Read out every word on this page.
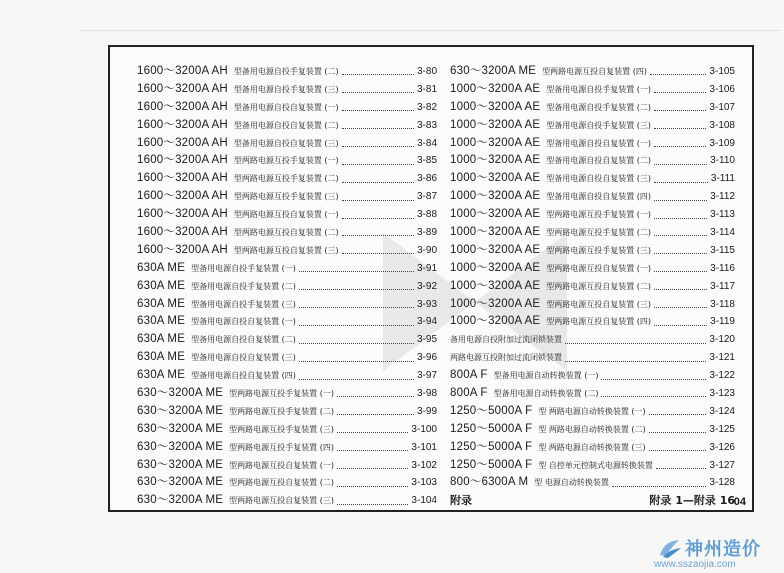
1600～3200A AH 型备用电源自投手复装置 (二)	3-80
1600～3200A AH 型备用电源自投手复装置 (三)	3-81
1600～3200A AH 型备用电源自投自复装置 (一)	3-82
1600～3200A AH 型备用电源自投自复装置 (二)	3-83
1600～3200A AH 型备用电源自投自复装置 (三)	3-84
1600～3200A AH 型两路电源互投手复装置 (一)	3-85
1600～3200A AH 型两路电源互投手复装置 (二)	3-86
1600～3200A AH 型两路电源互投手复装置 (三)	3-87
1600～3200A AH 型两路电源互投自复装置 (一)	3-88
1600～3200A AH 型两路电源互投自复装置 (二)	3-89
1600～3200A AH 型两路电源互投自复装置 (三)	3-90
630A ME 型备用电源自投手复装置 (一)	3-91
630A ME 型备用电源自投手复装置 (二)	3-92
630A ME 型备用电源自投手复装置 (三)	3-93
630A ME 型备用电源自投自复装置 (一)	3-94
630A ME 型备用电源自投自复装置 (二)	3-95
630A ME 型备用电源自投自复装置 (三)	3-96
630A ME 型备用电源自投自复装置 (四)	3-97
630～3200A ME 型两路电源互投手复装置 (一)	3-98
630～3200A ME 型两路电源互投手复装置 (二)	3-99
630～3200A ME 型两路电源互投手复装置 (三)	3-100
630～3200A ME 型两路电源互投手复装置 (四)	3-101
630～3200A ME 型两路电源互投自复装置 (一)	3-102
630～3200A ME 型两路电源互投自复装置 (二)	3-103
630～3200A ME 型两路电源互投自复装置 (三)	3-104
630～3200A ME 型两路电源互投自复装置 (四)	3-105
1000～3200A AE 型备用电源自投手复装置 (一)	3-106
1000～3200A AE 型备用电源自投手复装置 (二)	3-107
1000～3200A AE 型备用电源自投手复装置 (三)	3-108
1000～3200A AE 型备用电源自投自复装置 (一)	3-109
1000～3200A AE 型备用电源自投自复装置 (二)	3-110
1000～3200A AE 型备用电源自投自复装置 (三)	3-111
1000～3200A AE 型备用电源自投自复装置 (四)	3-112
1000～3200A AE 型两路电源互投手复装置 (一)	3-113
1000～3200A AE 型两路电源互投手复装置 (二)	3-114
1000～3200A AE 型两路电源互投手复装置 (三)	3-115
1000～3200A AE 型两路电源互投自复装置 (一)	3-116
1000～3200A AE 型两路电源互投自复装置 (二)	3-117
1000～3200A AE 型两路电源互投自复装置 (三)	3-118
1000～3200A AE 型两路电源互投自复装置 (四)	3-119
备用电源自投附加过流闭锁装置	3-120
两路电源互投附加过流闭锁装置	3-121
800A F 型备用电源自动转换装置 (一)	3-122
800A F 型备用电源自动转换装置 (二)	3-123
1250～5000A F 型 两路电源自动转换装置 (一)	3-124
1250～5000A F 型 两路电源自动转换装置 (二)	3-125
1250～5000A F 型 两路电源自动转换装置 (三)	3-126
1250～5000A F 型 自控单元控制式电源转换装置	3-127
800～6300A M 型 电源自动转换装置	3-128
附录	附录 1—附录 16
04
神州造价
www.sszaojia.com
